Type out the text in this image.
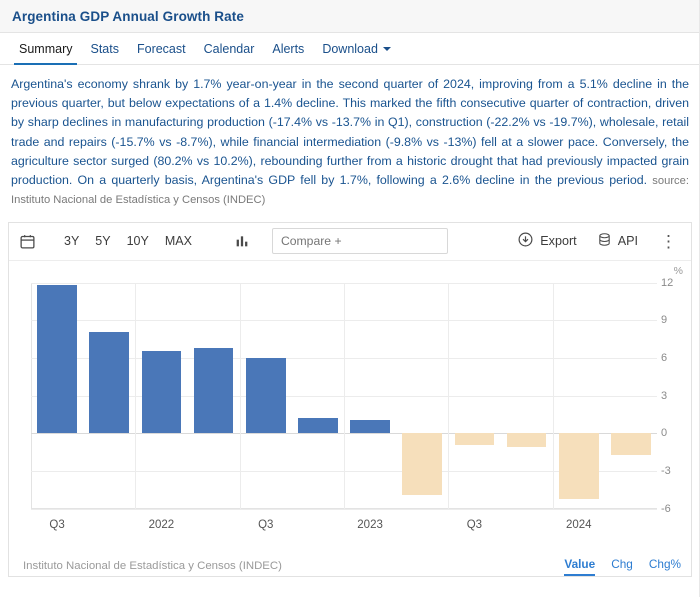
Argentina GDP Annual Growth Rate
Summary Stats Forecast Calendar Alerts Download
Argentina's economy shrank by 1.7% year-on-year in the second quarter of 2024, improving from a 5.1% decline in the previous quarter, but below expectations of a 1.4% decline. This marked the fifth consecutive quarter of contraction, driven by sharp declines in manufacturing production (-17.4% vs -13.7% in Q1), construction (-22.2% vs -19.7%), wholesale, retail trade and repairs (-15.7% vs -8.7%), while financial intermediation (-9.8% vs -13%) fell at a slower pace. Conversely, the agriculture sector surged (80.2% vs 10.2%), rebounding further from a historic drought that had previously impacted grain production. On a quarterly basis, Argentina's GDP fell by 1.7%, following a 2.6% decline in the previous period. source: Instituto Nacional de Estadística y Censos (INDEC)
3Y	5Y	10Y	MAX
Compare +	Export	API	⋮
%
12
9
6
3
0
-3
-6
Q3	2022	Q3	2023	Q3	2024
Instituto Nacional de Estadística y Censos (INDEC)	Value Chg Chg%
